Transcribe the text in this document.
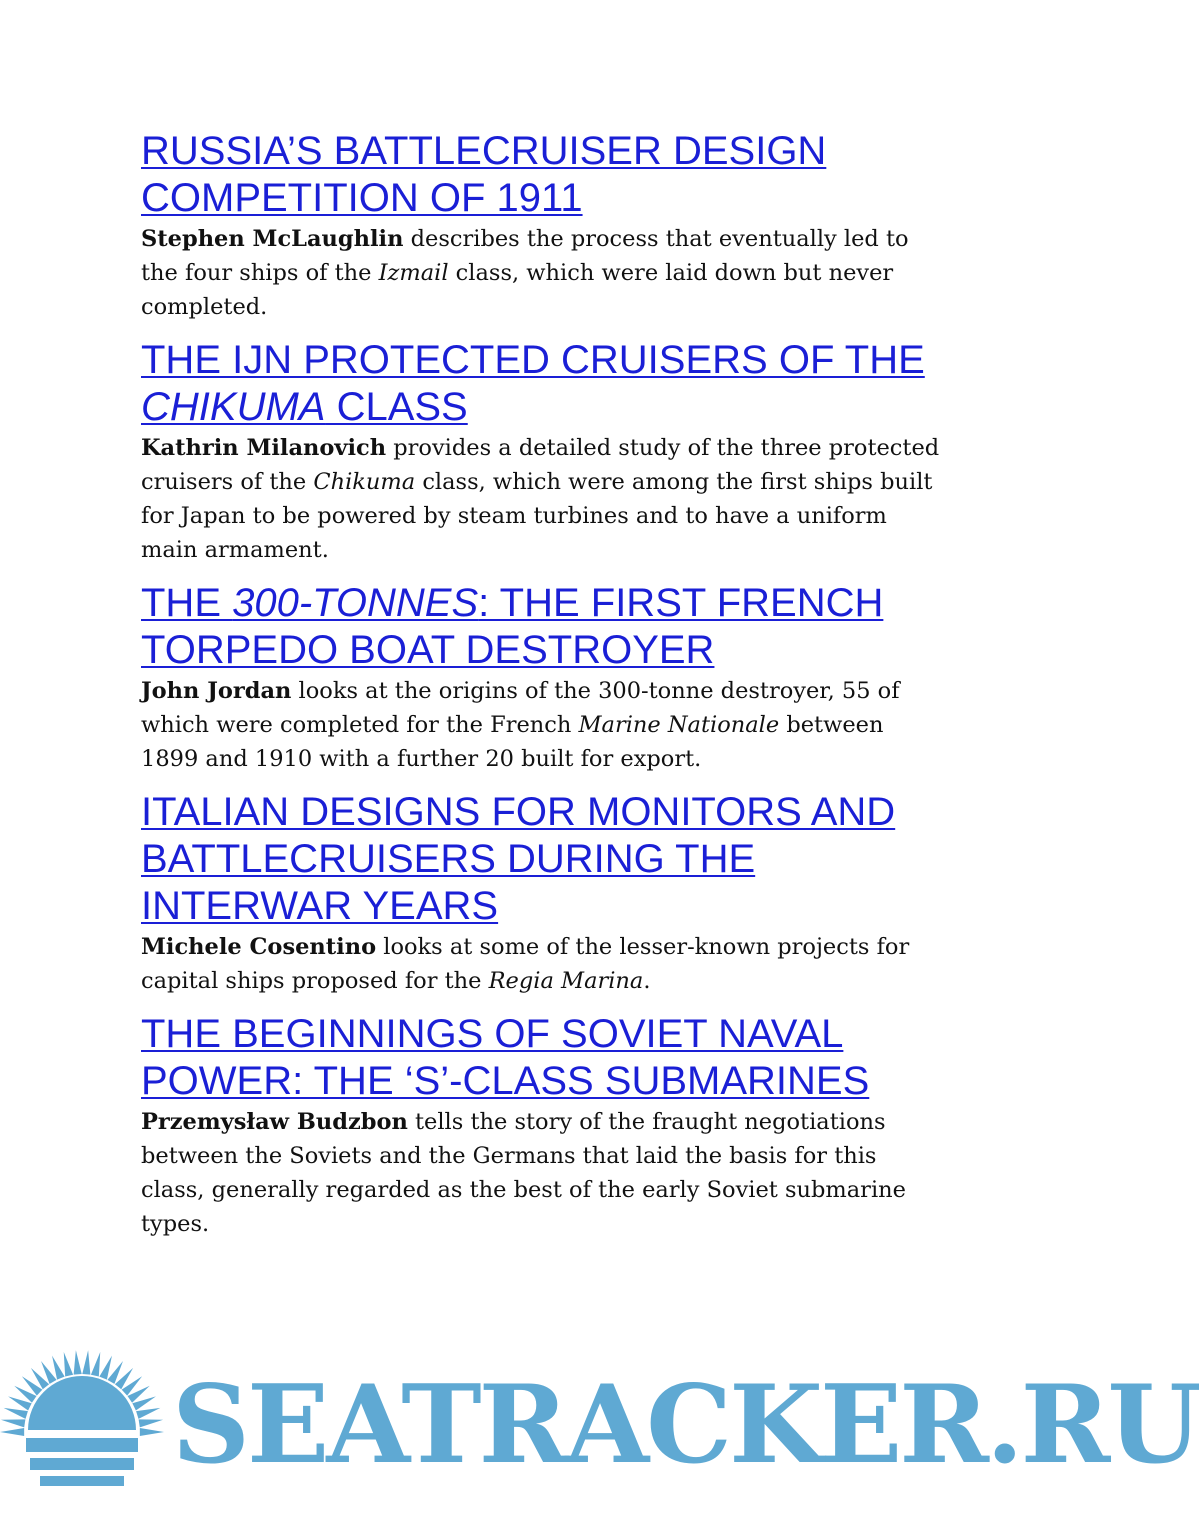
RUSSIA’S BATTLECRUISER DESIGN COMPETITION OF 1911

Stephen McLaughlin describes the process that eventually led to the four ships of the Izmail class, which were laid down but never completed.

THE IJN PROTECTED CRUISERS OF THE
CHIKUMA CLASS

Kathrin Milanovich provides a detailed study of the three protected cruisers of the Chikuma class, which were among the first ships built for Japan to be powered by steam turbines and to have a uniform main armament.

THE 300-TONNES: THE FIRST FRENCH TORPEDO BOAT DESTROYER

John Jordan looks at the origins of the 300-tonne destroyer, 55 of which were completed for the French Marine Nationale between 1899 and 1910 with a further 20 built for export.

ITALIAN DESIGNS FOR MONITORS AND BATTLECRUISERS DURING THE INTERWAR YEARS

Michele Cosentino looks at some of the lesser-known projects for capital ships proposed for the Regia Marina.

THE BEGINNINGS OF SOVIET NAVAL POWER: THE ‘S’-CLASS SUBMARINES

Przemysław Budzbon tells the story of the fraught negotiations between the Soviets and the Germans that laid the basis for this class, generally regarded as the best of the early Soviet submarine types.

SEATRACKER.RU
